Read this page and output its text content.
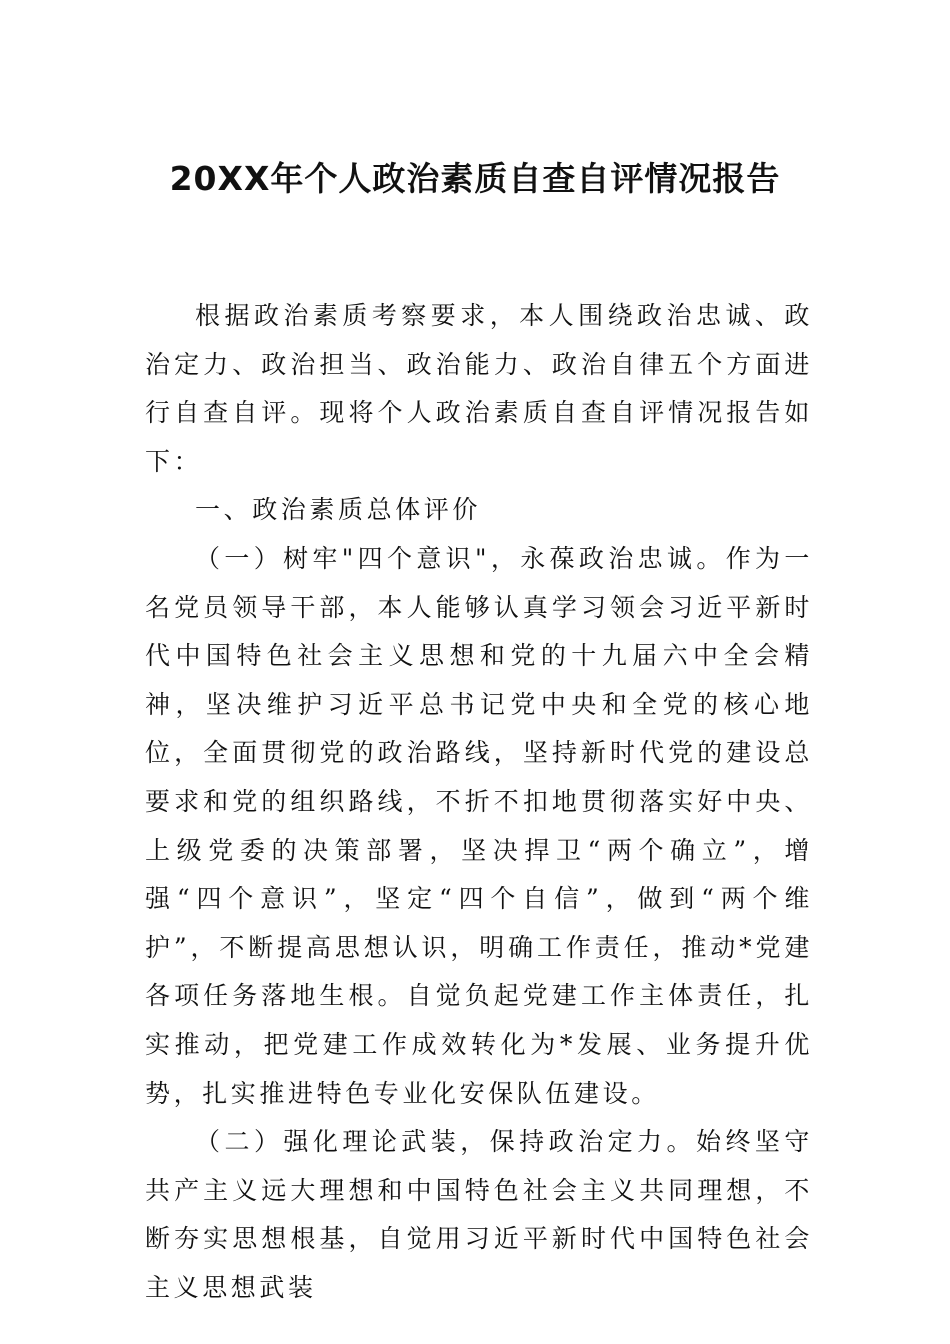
20XX年个人政治素质自查自评情况报告

根据政治素质考察要求，本人围绕政治忠诚、政治定力、政治担当、政治能力、政治自律五个方面进行自查自评。现将个人政治素质自查自评情况报告如下：

一、政治素质总体评价

（一）树牢"四个意识"，永葆政治忠诚。作为一名党员领导干部，本人能够认真学习领会习近平新时代中国特色社会主义思想和党的十九届六中全会精神，坚决维护习近平总书记党中央和全党的核心地位，全面贯彻党的政治路线，坚持新时代党的建设总要求和党的组织路线，不折不扣地贯彻落实好中央、上级党委的决策部署，坚决捍卫“两个确立”，增强“四个意识”，坚定“四个自信”，做到“两个维护”，不断提高思想认识，明确工作责任，推动*党建各项任务落地生根。自觉负起党建工作主体责任，扎实推动，把党建工作成效转化为*发展、业务提升优势，扎实推进特色专业化安保队伍建设。

（二）强化理论武装，保持政治定力。始终坚守共产主义远大理想和中国特色社会主义共同理想，不断夯实思想根基，自觉用习近平新时代中国特色社会主义思想武装
